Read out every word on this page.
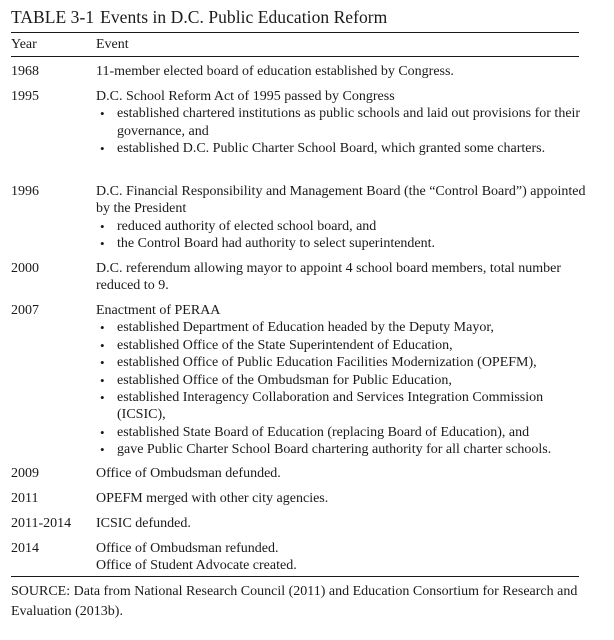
TABLE 3-1 Events in D.C. Public Education Reform
Year	Event
1968	11-member elected board of education established by Congress.
1995	D.C. School Reform Act of 1995 passed by Congress
• established chartered institutions as public schools and laid out provisions for their governance, and
• established D.C. Public Charter School Board, which granted some charters.
1996	D.C. Financial Responsibility and Management Board (the “Control Board”) appointed by the President
• reduced authority of elected school board, and
• the Control Board had authority to select superintendent.
2000	D.C. referendum allowing mayor to appoint 4 school board members, total number reduced to 9.
2007	Enactment of PERAA
• established Department of Education headed by the Deputy Mayor,
• established Office of the State Superintendent of Education,
• established Office of Public Education Facilities Modernization (OPEFM),
• established Office of the Ombudsman for Public Education,
• established Interagency Collaboration and Services Integration Commission (ICSIC),
• established State Board of Education (replacing Board of Education), and
• gave Public Charter School Board chartering authority for all charter schools.
2009	Office of Ombudsman defunded.
2011	OPEFM merged with other city agencies.
2011-2014	ICSIC defunded.
2014	Office of Ombudsman refunded.
Office of Student Advocate created.
SOURCE: Data from National Research Council (2011) and Education Consortium for Research and Evaluation (2013b).
